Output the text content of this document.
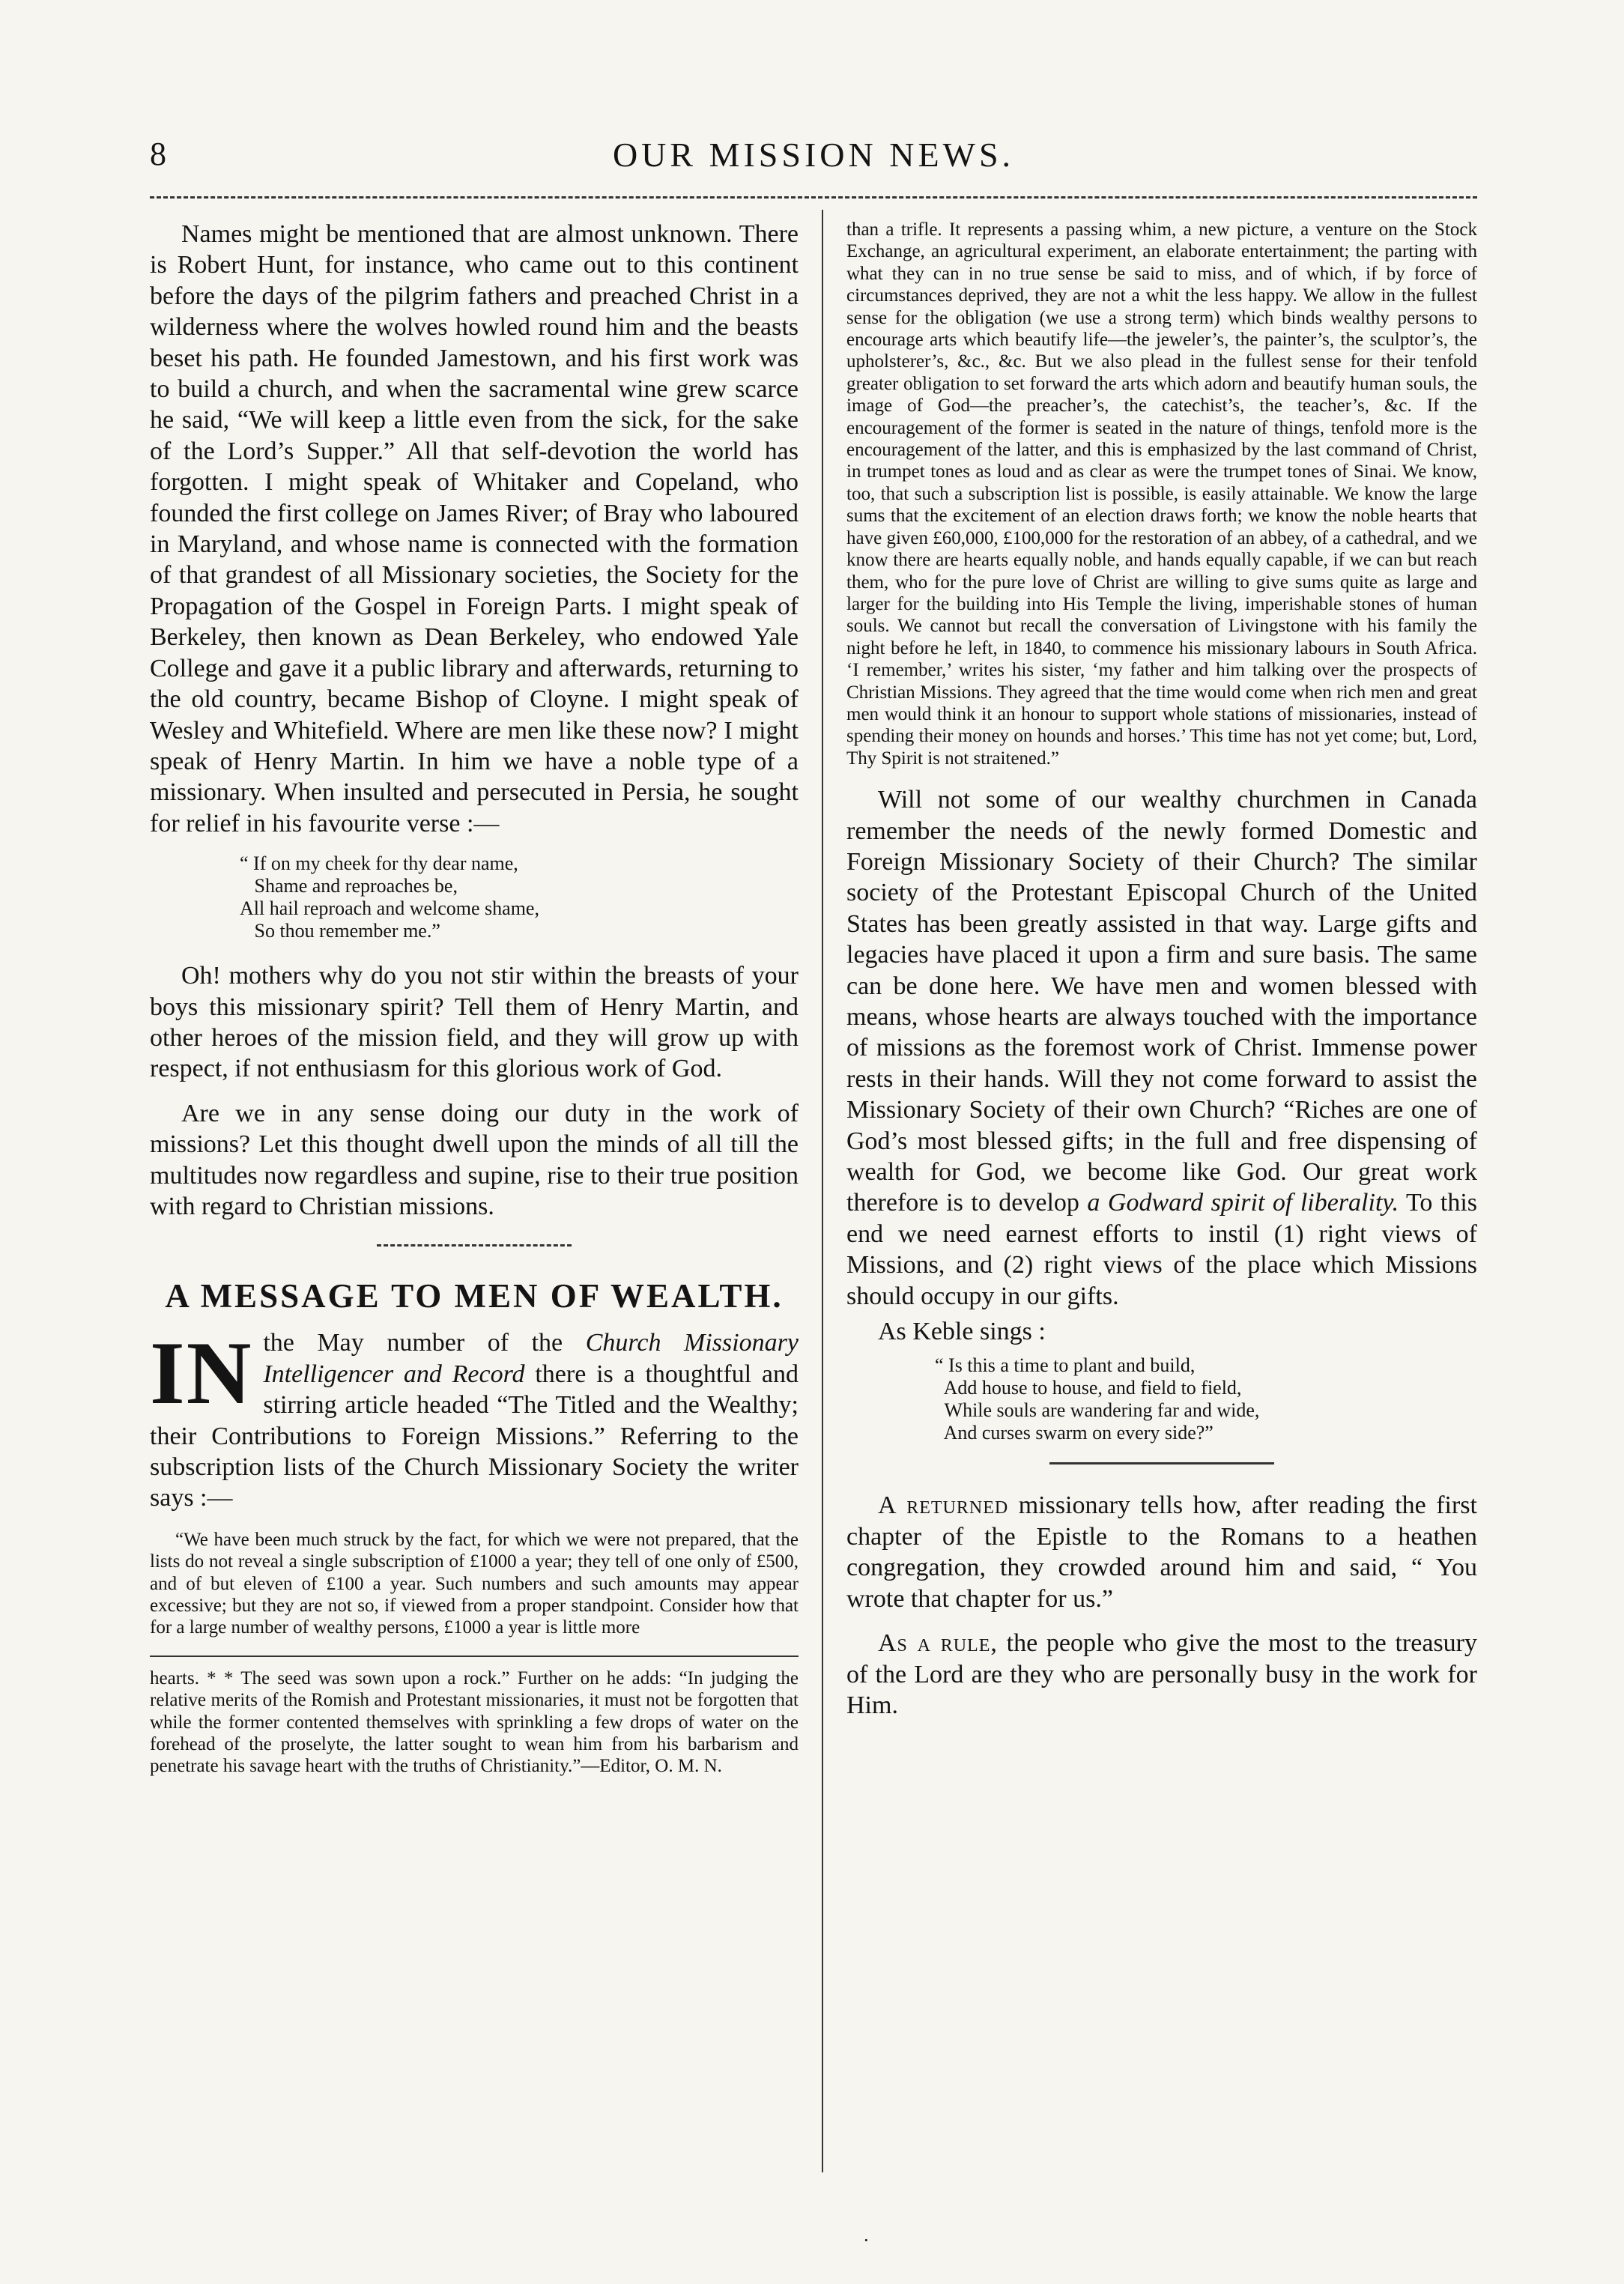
8	OUR MISSION NEWS.

Names might be mentioned that are almost unknown. There is Robert Hunt, for instance, who came out to this continent before the days of the pilgrim fathers and preached Christ in a wilderness where the wolves howled round him and the beasts beset his path. He founded Jamestown, and his first work was to build a church, and when the sacramental wine grew scarce he said, “We will keep a little even from the sick, for the sake of the Lord’s Supper.” All that self-devotion the world has forgotten. I might speak of Whitaker and Copeland, who founded the first college on James River; of Bray who laboured in Maryland, and whose name is connected with the formation of that grandest of all Missionary societies, the Society for the Propagation of the Gospel in Foreign Parts. I might speak of Berkeley, then known as Dean Berkeley, who endowed Yale College and gave it a public library and afterwards, returning to the old country, became Bishop of Cloyne. I might speak of Wesley and Whitefield. Where are men like these now? I might speak of Henry Martin. In him we have a noble type of a missionary. When insulted and persecuted in Persia, he sought for relief in his favourite verse :—

“ If on my cheek for thy dear name,
Shame and reproaches be,
All hail reproach and welcome shame,
So thou remember me.”

Oh! mothers why do you not stir within the breasts of your boys this missionary spirit? Tell them of Henry Martin, and other heroes of the mission field, and they will grow up with respect, if not enthusiasm for this glorious work of God.

Are we in any sense doing our duty in the work of missions? Let this thought dwell upon the minds of all till the multitudes now regardless and supine, rise to their true position with regard to Christian missions.

A MESSAGE TO MEN OF WEALTH.

IN the May number of the Church Missionary Intelligencer and Record there is a thoughtful and stirring article headed “The Titled and the Wealthy; their Contributions to Foreign Missions.” Referring to the subscription lists of the Church Missionary Society the writer says :—

“We have been much struck by the fact, for which we were not prepared, that the lists do not reveal a single subscription of £1000 a year; they tell of one only of £500, and of but eleven of £100 a year. Such numbers and such amounts may appear excessive; but they are not so, if viewed from a proper standpoint. Consider how that for a large number of wealthy persons, £1000 a year is little more

hearts. * * The seed was sown upon a rock.” Further on he adds: “In judging the relative merits of the Romish and Protestant missionaries, it must not be forgotten that while the former contented themselves with sprinkling a few drops of water on the forehead of the proselyte, the latter sought to wean him from his barbarism and penetrate his savage heart with the truths of Christianity.”—Editor, O. M. N.

than a trifle. It represents a passing whim, a new picture, a venture on the Stock Exchange, an agricultural experiment, an elaborate entertainment; the parting with what they can in no true sense be said to miss, and of which, if by force of circumstances deprived, they are not a whit the less happy. We allow in the fullest sense for the obligation (we use a strong term) which binds wealthy persons to encourage arts which beautify life—the jeweler’s, the painter’s, the sculptor’s, the upholsterer’s, &c., &c. But we also plead in the fullest sense for their tenfold greater obligation to set forward the arts which adorn and beautify human souls, the image of God—the preacher’s, the catechist’s, the teacher’s, &c. If the encouragement of the former is seated in the nature of things, tenfold more is the encouragement of the latter, and this is emphasized by the last command of Christ, in trumpet tones as loud and as clear as were the trumpet tones of Sinai. We know, too, that such a subscription list is possible, is easily attainable. We know the large sums that the excitement of an election draws forth; we know the noble hearts that have given £60,000, £100,000 for the restoration of an abbey, of a cathedral, and we know there are hearts equally noble, and hands equally capable, if we can but reach them, who for the pure love of Christ are willing to give sums quite as large and larger for the building into His Temple the living, imperishable stones of human souls. We cannot but recall the conversation of Livingstone with his family the night before he left, in 1840, to commence his missionary labours in South Africa. ‘I remember,’ writes his sister, ‘my father and him talking over the prospects of Christian Missions. They agreed that the time would come when rich men and great men would think it an honour to support whole stations of missionaries, instead of spending their money on hounds and horses.’ This time has not yet come; but, Lord, Thy Spirit is not straitened.”

Will not some of our wealthy churchmen in Canada remember the needs of the newly formed Domestic and Foreign Missionary Society of their Church? The similar society of the Protestant Episcopal Church of the United States has been greatly assisted in that way. Large gifts and legacies have placed it upon a firm and sure basis. The same can be done here. We have men and women blessed with means, whose hearts are always touched with the importance of missions as the foremost work of Christ. Immense power rests in their hands. Will they not come forward to assist the Missionary Society of their own Church? “Riches are one of God’s most blessed gifts; in the full and free dispensing of wealth for God, we become like God. Our great work therefore is to develop a Godward spirit of liberality. To this end we need earnest efforts to instil (1) right views of Missions, and (2) right views of the place which Missions should occupy in our gifts.

As Keble sings :

“ Is this a time to plant and build,
Add house to house, and field to field,
While souls are wandering far and wide,
And curses swarm on every side?”

A returned missionary tells how, after reading the first chapter of the Epistle to the Romans to a heathen congregation, they crowded around him and said, “ You wrote that chapter for us.”

As a rule, the people who give the most to the treasury of the Lord are they who are personally busy in the work for Him.

·
